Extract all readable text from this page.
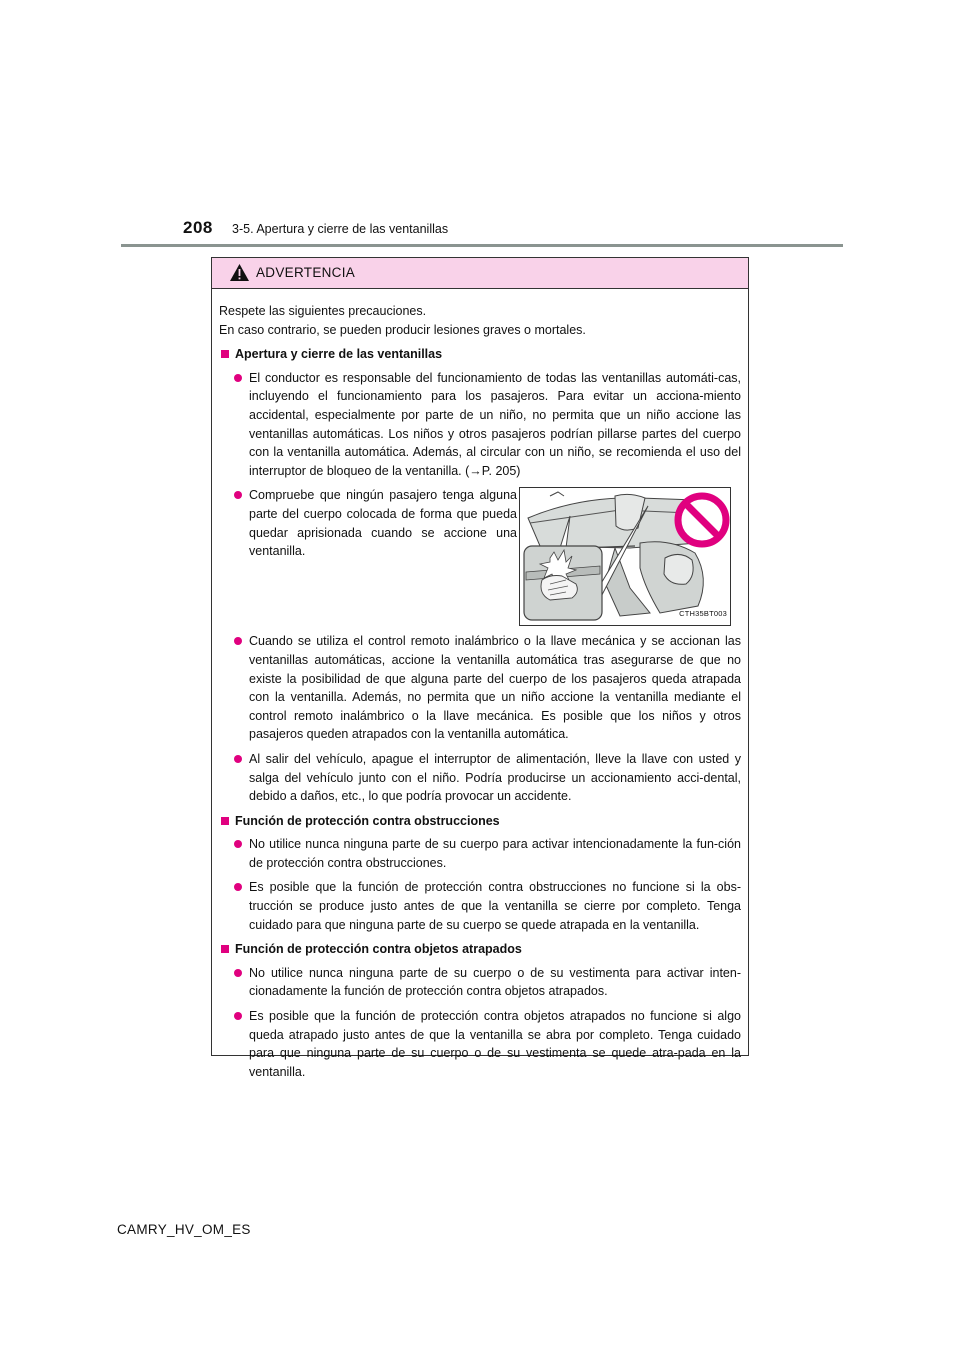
208 3-5. Apertura y cierre de las ventanillas
ADVERTENCIA

Respete las siguientes precauciones.

En caso contrario, se pueden producir lesiones graves o mortales.

Apertura y cierre de las ventanillas

El conductor es responsable del funcionamiento de todas las ventanillas automáti-cas, incluyendo el funcionamiento para los pasajeros. Para evitar un acciona-miento accidental, especialmente por parte de un niño, no permita que un niño accione las ventanillas automáticas. Los niños y otros pasajeros podrían pillarse partes del cuerpo con la ventanilla automática. Además, al circular con un niño, se recomienda el uso del interruptor de bloqueo de la ventanilla. (→P. 205)

Compruebe que ningún pasajero tenga alguna parte del cuerpo colocada de forma que pueda quedar aprisionada cuando se accione una ventanilla.

CTH35BT003

Cuando se utiliza el control remoto inalámbrico o la llave mecánica y se accionan las ventanillas automáticas, accione la ventanilla automática tras asegurarse de que no existe la posibilidad de que alguna parte del cuerpo de los pasajeros queda atrapada con la ventanilla. Además, no permita que un niño accione la ventanilla mediante el control remoto inalámbrico o la llave mecánica. Es posible que los niños y otros pasajeros queden atrapados con la ventanilla automática.

Al salir del vehículo, apague el interruptor de alimentación, lleve la llave con usted y salga del vehículo junto con el niño. Podría producirse un accionamiento acci-dental, debido a daños, etc., lo que podría provocar un accidente.

Función de protección contra obstrucciones

No utilice nunca ninguna parte de su cuerpo para activar intencionadamente la fun-ción de protección contra obstrucciones.

Es posible que la función de protección contra obstrucciones no funcione si la obs-trucción se produce justo antes de que la ventanilla se cierre por completo. Tenga cuidado para que ninguna parte de su cuerpo se quede atrapada en la ventanilla.

Función de protección contra objetos atrapados

No utilice nunca ninguna parte de su cuerpo o de su vestimenta para activar inten-cionadamente la función de protección contra objetos atrapados.

Es posible que la función de protección contra objetos atrapados no funcione si algo queda atrapado justo antes de que la ventanilla se abra por completo. Tenga cuidado para que ninguna parte de su cuerpo o de su vestimenta se quede atra-pada en la ventanilla.

CAMRY_HV_OM_ES
